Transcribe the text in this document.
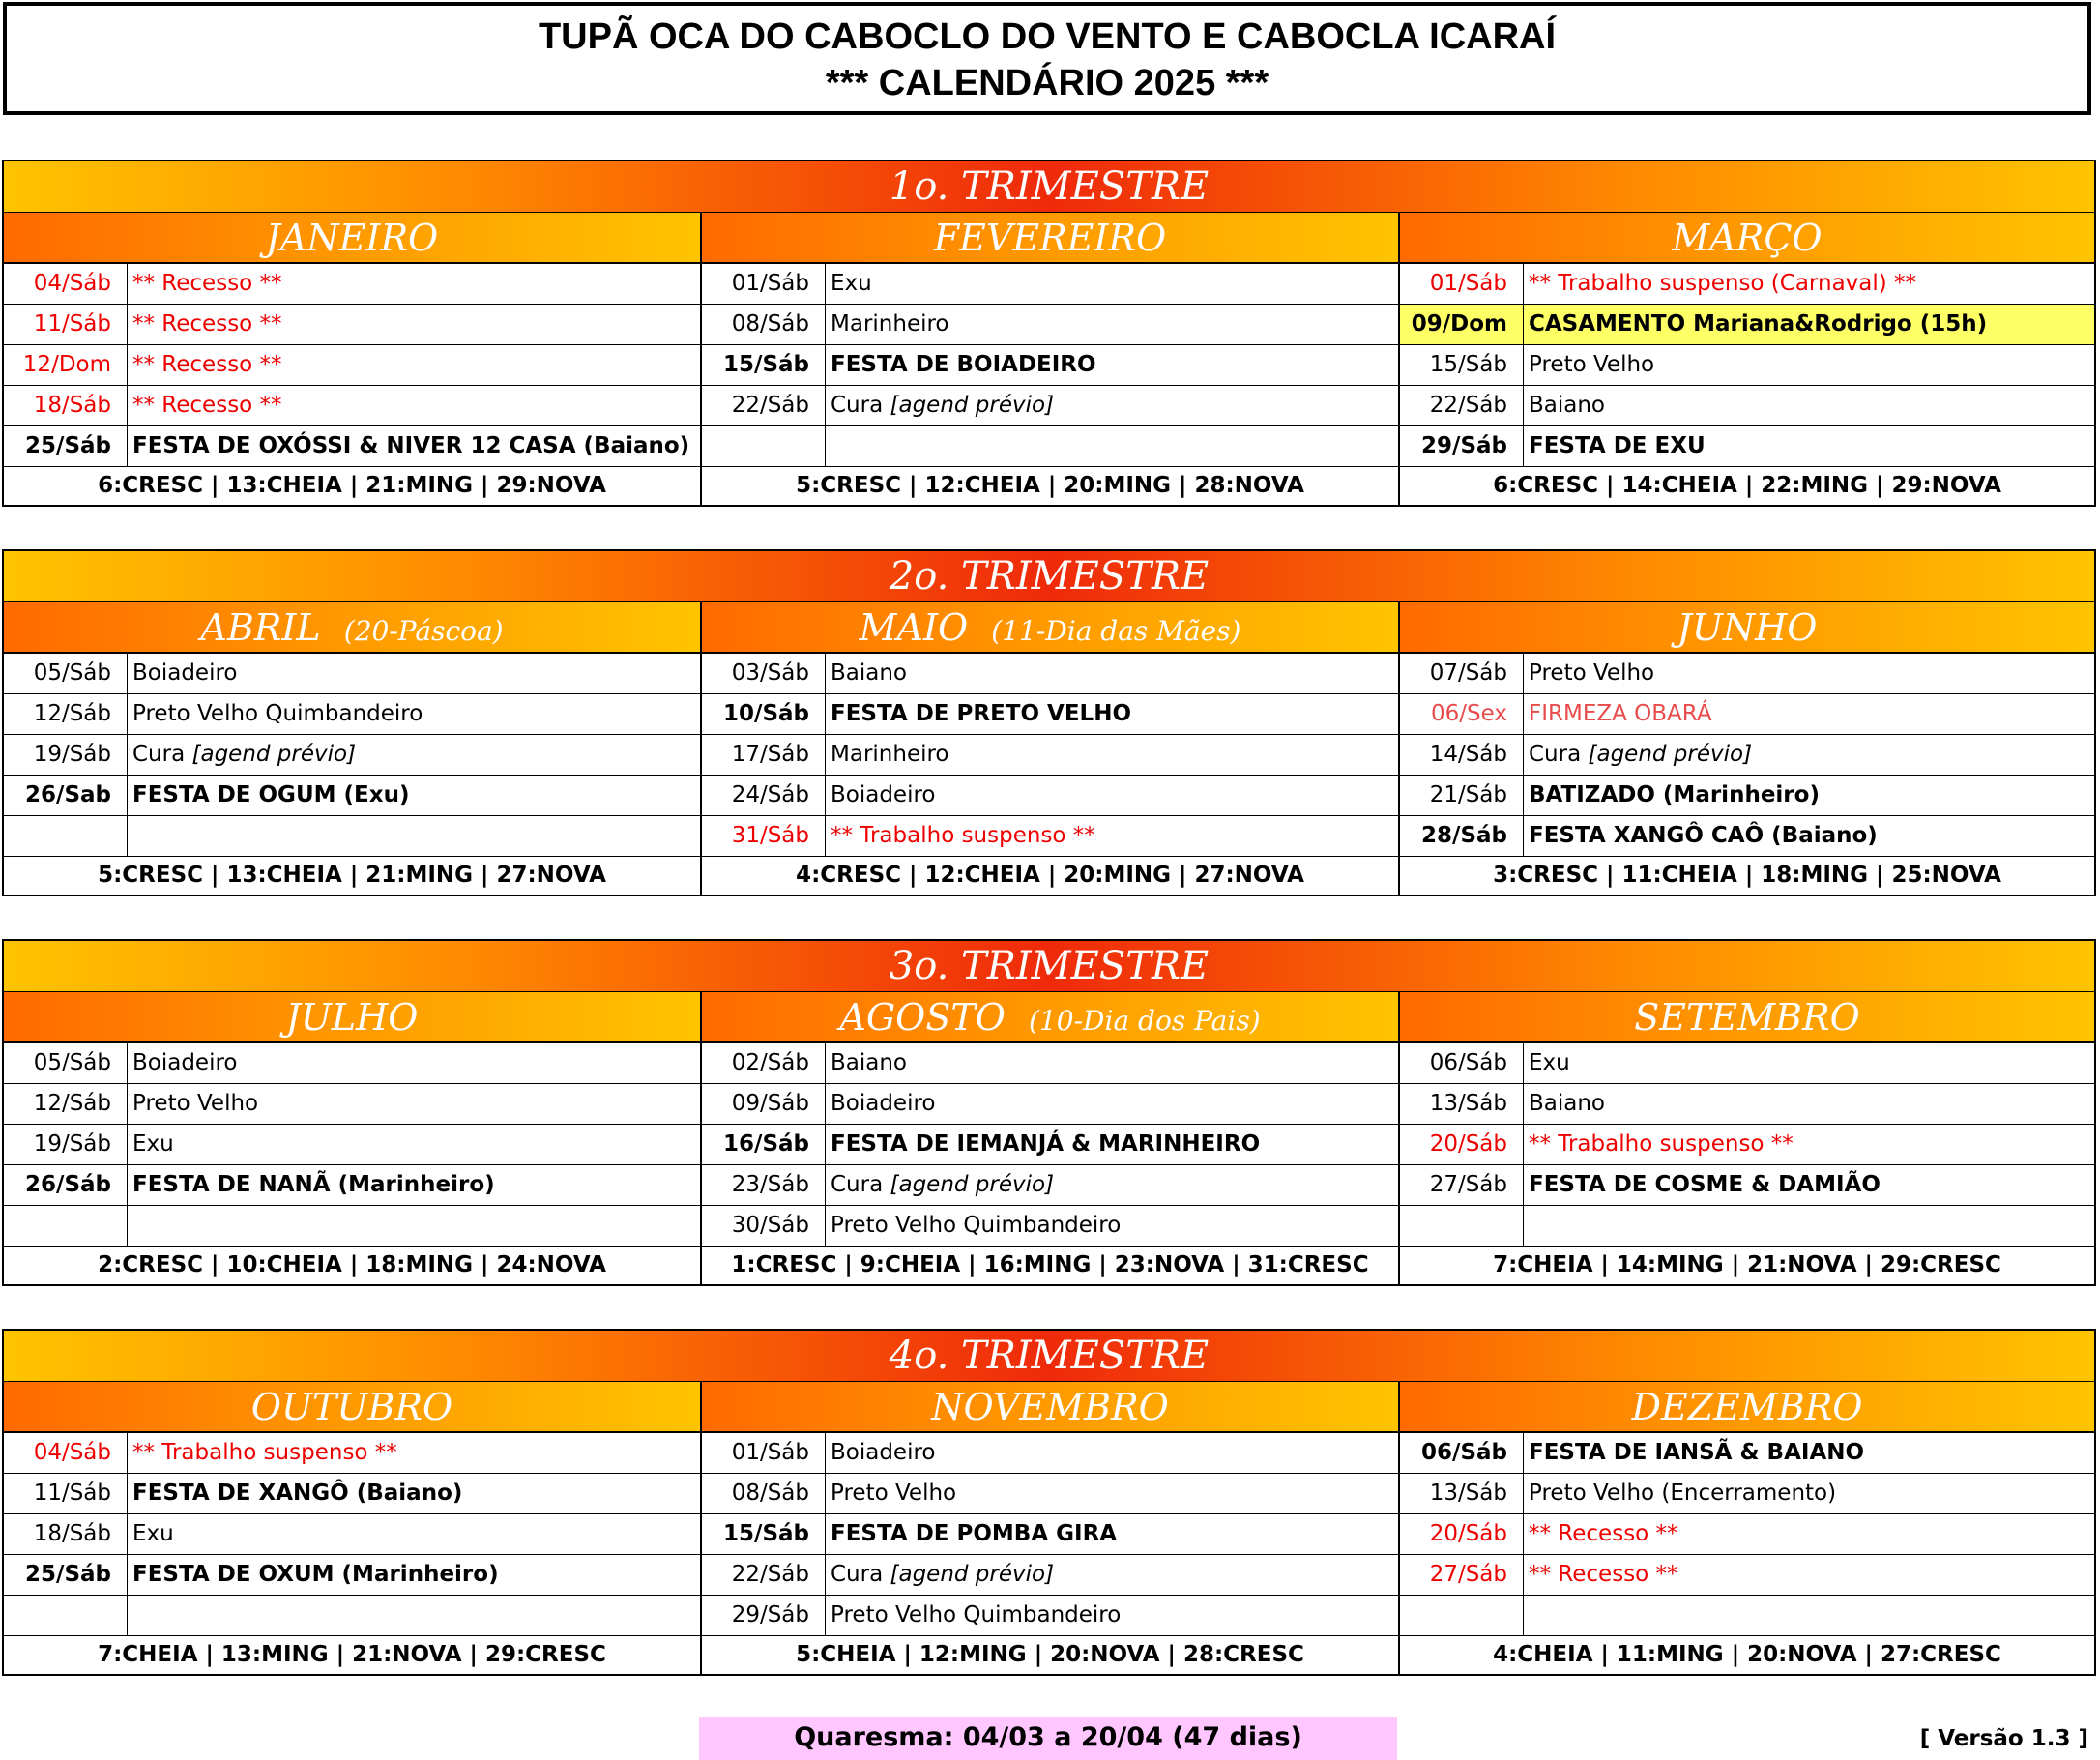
TUPÃ OCA DO CABOCLO DO VENTO E CABOCLA ICARAÍ
*** CALENDÁRIO 2025 ***
1o. TRIMESTRE
JANEIRO
04/Sáb ** Recesso **
11/Sáb ** Recesso **
12/Dom ** Recesso **
18/Sáb ** Recesso **
25/Sáb FESTA DE OXÓSSI & NIVER 12 CASA (Baiano)
6:CRESC | 13:CHEIA | 21:MING | 29:NOVA
FEVEREIRO
01/Sáb Exu
08/Sáb Marinheiro
15/Sáb FESTA DE BOIADEIRO
22/Sáb Cura [agend prévio]
5:CRESC | 12:CHEIA | 20:MING | 28:NOVA
MARÇO
01/Sáb ** Trabalho suspenso (Carnaval) **
09/Dom CASAMENTO Mariana&Rodrigo (15h)
15/Sáb Preto Velho
22/Sáb Baiano
29/Sáb FESTA DE EXU
6:CRESC | 14:CHEIA | 22:MING | 29:NOVA
2o. TRIMESTRE
ABRIL (20-Páscoa)
05/Sáb Boiadeiro
12/Sáb Preto Velho Quimbandeiro
19/Sáb Cura [agend prévio]
26/Sab FESTA DE OGUM (Exu)
5:CRESC | 13:CHEIA | 21:MING | 27:NOVA
MAIO (11-Dia das Mães)
03/Sáb Baiano
10/Sáb FESTA DE PRETO VELHO
17/Sáb Marinheiro
24/Sáb Boiadeiro
31/Sáb ** Trabalho suspenso **
4:CRESC | 12:CHEIA | 20:MING | 27:NOVA
JUNHO
07/Sáb Preto Velho
06/Sex FIRMEZA OBARÁ
14/Sáb Cura [agend prévio]
21/Sáb BATIZADO (Marinheiro)
28/Sáb FESTA XANGÔ CAÔ (Baiano)
3:CRESC | 11:CHEIA | 18:MING | 25:NOVA
3o. TRIMESTRE
JULHO
05/Sáb Boiadeiro
12/Sáb Preto Velho
19/Sáb Exu
26/Sáb FESTA DE NANÃ (Marinheiro)
2:CRESC | 10:CHEIA | 18:MING | 24:NOVA
AGOSTO (10-Dia dos Pais)
02/Sáb Baiano
09/Sáb Boiadeiro
16/Sáb FESTA DE IEMANJÁ & MARINHEIRO
23/Sáb Cura [agend prévio]
30/Sáb Preto Velho Quimbandeiro
1:CRESC | 9:CHEIA | 16:MING | 23:NOVA | 31:CRESC
SETEMBRO
06/Sáb Exu
13/Sáb Baiano
20/Sáb ** Trabalho suspenso **
27/Sáb FESTA DE COSME & DAMIÃO
7:CHEIA | 14:MING | 21:NOVA | 29:CRESC
4o. TRIMESTRE
OUTUBRO
04/Sáb ** Trabalho suspenso **
11/Sáb FESTA DE XANGÔ (Baiano)
18/Sáb Exu
25/Sáb FESTA DE OXUM (Marinheiro)
7:CHEIA | 13:MING | 21:NOVA | 29:CRESC
NOVEMBRO
01/Sáb Boiadeiro
08/Sáb Preto Velho
15/Sáb FESTA DE POMBA GIRA
22/Sáb Cura [agend prévio]
29/Sáb Preto Velho Quimbandeiro
5:CHEIA | 12:MING | 20:NOVA | 28:CRESC
DEZEMBRO
06/Sáb FESTA DE IANSÃ & BAIANO
13/Sáb Preto Velho (Encerramento)
20/Sáb ** Recesso **
27/Sáb ** Recesso **
4:CHEIA | 11:MING | 20:NOVA | 27:CRESC
Quaresma: 04/03 a 20/04 (47 dias)	[ Versão 1.3 ]
